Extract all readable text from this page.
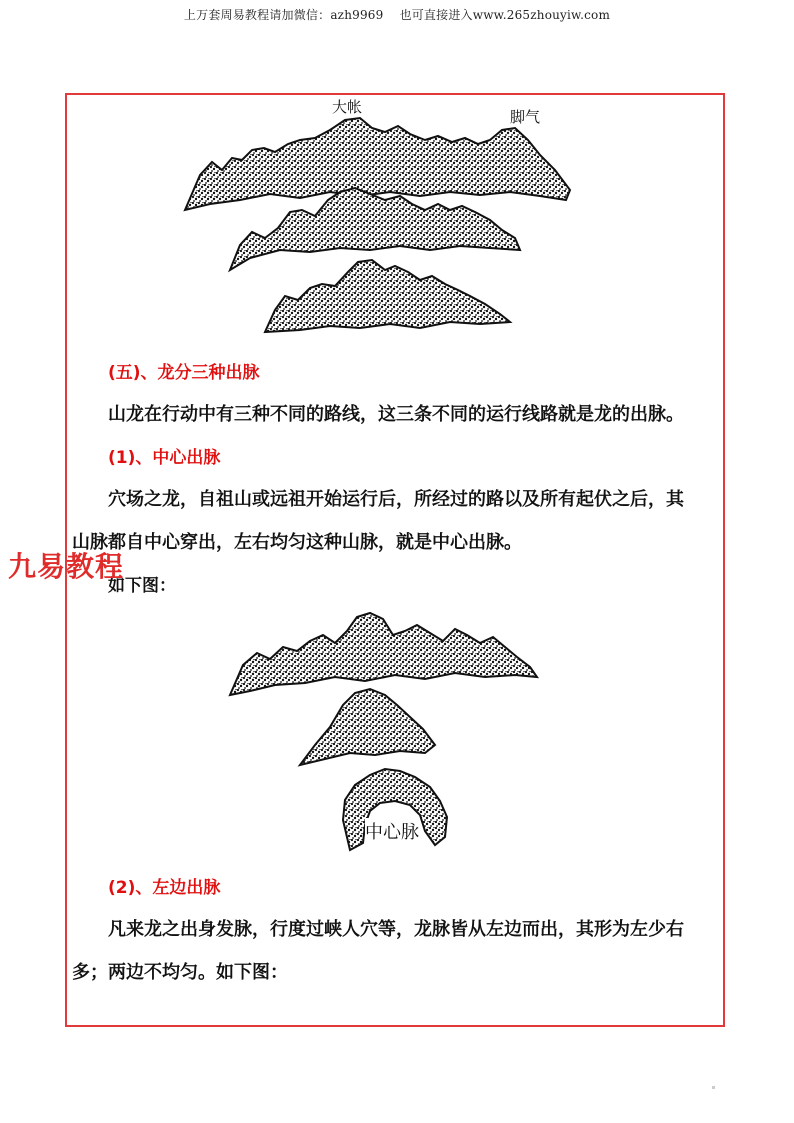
上万套周易教程请加微信：azh9969 也可直接进入www.265zhouyiw.com
大帐
脚气
(五)、龙分三种出脉
山龙在行动中有三种不同的路线，这三条不同的运行线路就是龙的出脉。
(1)、中心出脉
穴场之龙，自祖山或远祖开始运行后，所经过的路以及所有起伏之后，其
山脉都自中心穿出，左右均匀这种山脉，就是中心出脉。
如下图：
九易教程
中心脉
(2)、左边出脉
凡来龙之出身发脉，行度过峡人穴等，龙脉皆从左边而出，其形为左少右
多；两边不均匀。如下图：
